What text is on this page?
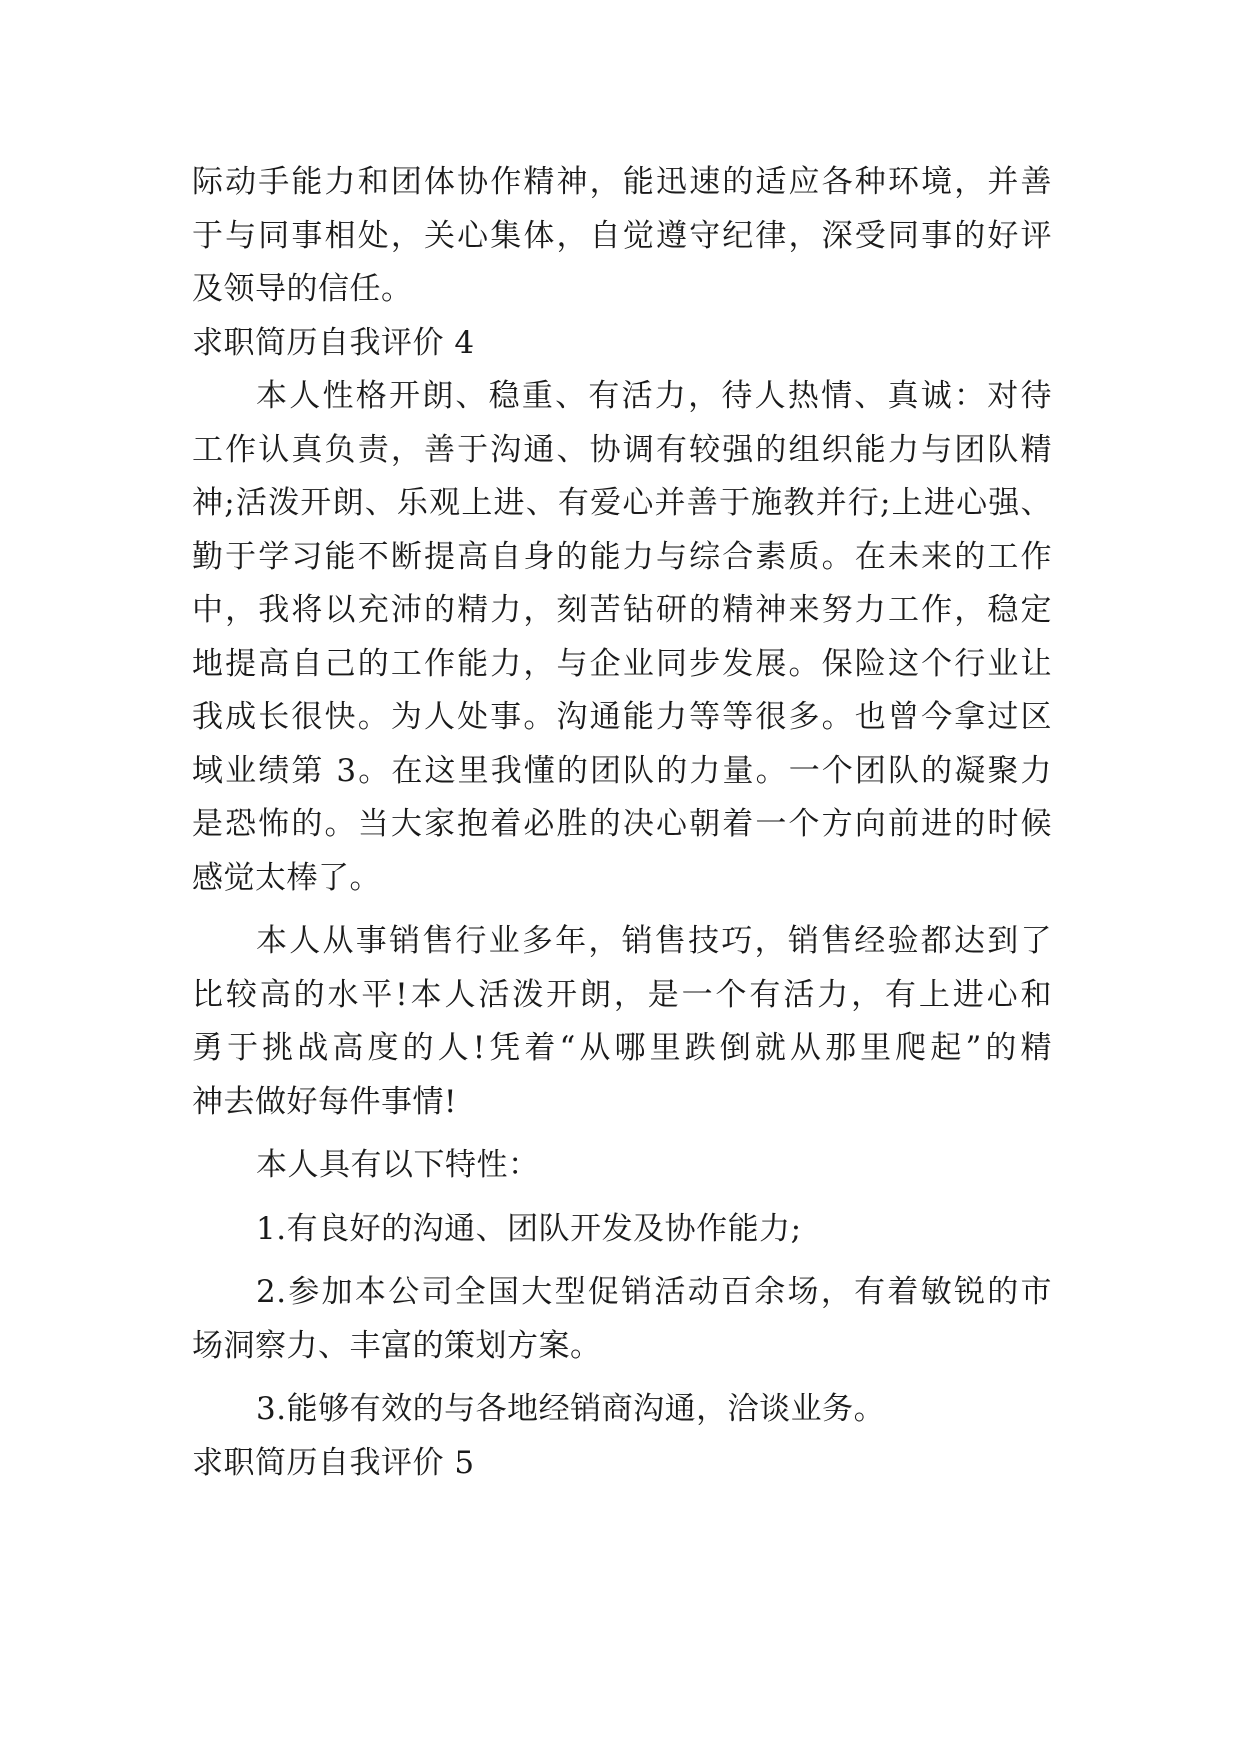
际动手能力和团体协作精神，能迅速的适应各种环境，并善
于与同事相处，关心集体，自觉遵守纪律，深受同事的好评
及领导的信任。
求职简历自我评价 4
本人性格开朗、稳重、有活力，待人热情、真诚：对待
工作认真负责，善于沟通、协调有较强的组织能力与团队精
神;活泼开朗、乐观上进、有爱心并善于施教并行;上进心强、
勤于学习能不断提高自身的能力与综合素质。在未来的工作
中，我将以充沛的精力，刻苦钻研的精神来努力工作，稳定
地提高自己的工作能力，与企业同步发展。保险这个行业让
我成长很快。为人处事。沟通能力等等很多。也曾今拿过区
域业绩第 3。在这里我懂的团队的力量。一个团队的凝聚力
是恐怖的。当大家抱着必胜的决心朝着一个方向前进的时候
感觉太棒了。
本人从事销售行业多年，销售技巧，销售经验都达到了
比较高的水平!本人活泼开朗，是一个有活力，有上进心和
勇于挑战高度的人!凭着“从哪里跌倒就从那里爬起”的精
神去做好每件事情!
本人具有以下特性：
1.有良好的沟通、团队开发及协作能力;
2.参加本公司全国大型促销活动百余场，有着敏锐的市
场洞察力、丰富的策划方案。
3.能够有效的与各地经销商沟通，洽谈业务。
求职简历自我评价 5
